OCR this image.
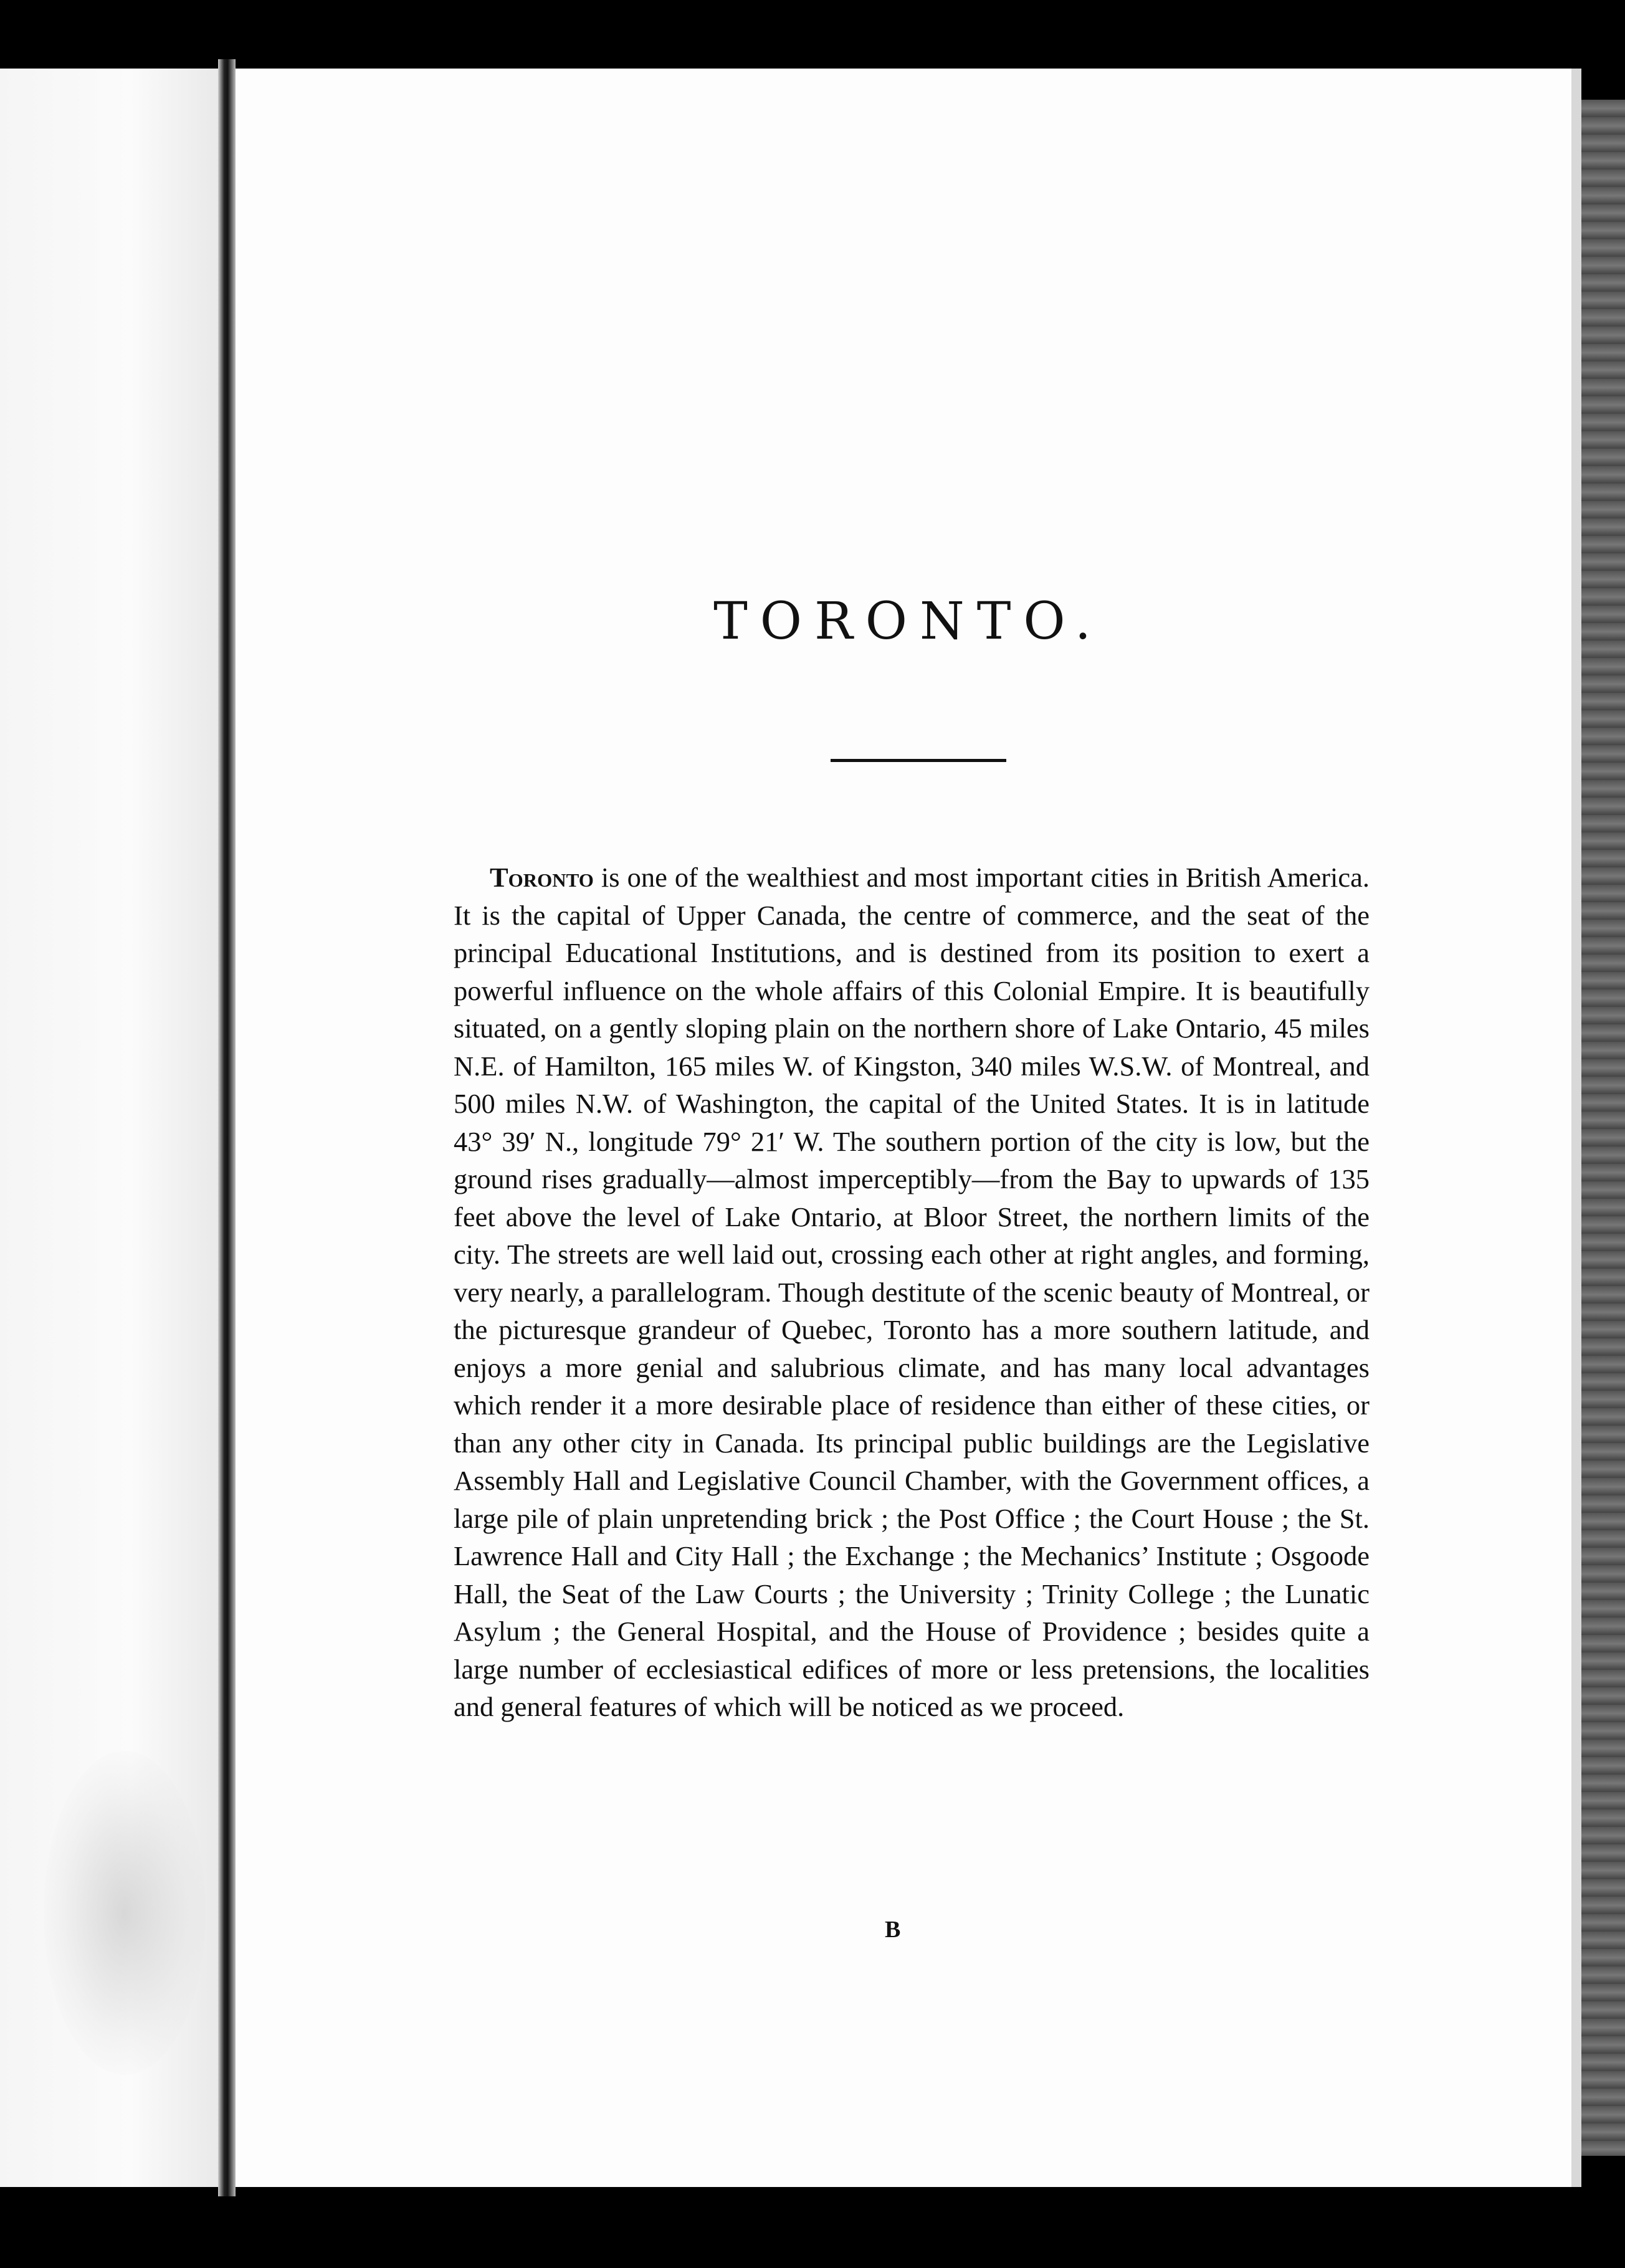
TORONTO.

Toronto is one of the wealthiest and most important cities in British America. It is the capital of Upper Canada, the centre of commerce, and the seat of the principal Educational Institutions, and is destined from its position to exert a powerful influence on the whole affairs of this Colonial Empire. It is beautifully situated, on a gently sloping plain on the northern shore of Lake Ontario, 45 miles N.E. of Hamilton, 165 miles W. of Kingston, 340 miles W.S.W. of Montreal, and 500 miles N.W. of Washington, the capital of the United States. It is in latitude 43° 39′ N., longitude 79° 21′ W. The southern portion of the city is low, but the ground rises gradually—almost imperceptibly—from the Bay to upwards of 135 feet above the level of Lake Ontario, at Bloor Street, the northern limits of the city. The streets are well laid out, crossing each other at right angles, and forming, very nearly, a parallelogram. Though destitute of the scenic beauty of Montreal, or the picturesque grandeur of Quebec, Toronto has a more southern latitude, and enjoys a more genial and salubrious climate, and has many local advantages which render it a more desirable place of residence than either of these cities, or than any other city in Canada. Its principal public buildings are the Legislative Assembly Hall and Legislative Council Chamber, with the Government offices, a large pile of plain unpretending brick ; the Post Office ; the Court House ; the St. Lawrence Hall and City Hall ; the Exchange ; the Mechanics’ Institute ; Osgoode Hall, the Seat of the Law Courts ; the University ; Trinity College ; the Lunatic Asylum ; the General Hospital, and the House of Providence ; besides quite a large number of ecclesiastical edifices of more or less pretensions, the localities and general features of which will be noticed as we proceed.

B
